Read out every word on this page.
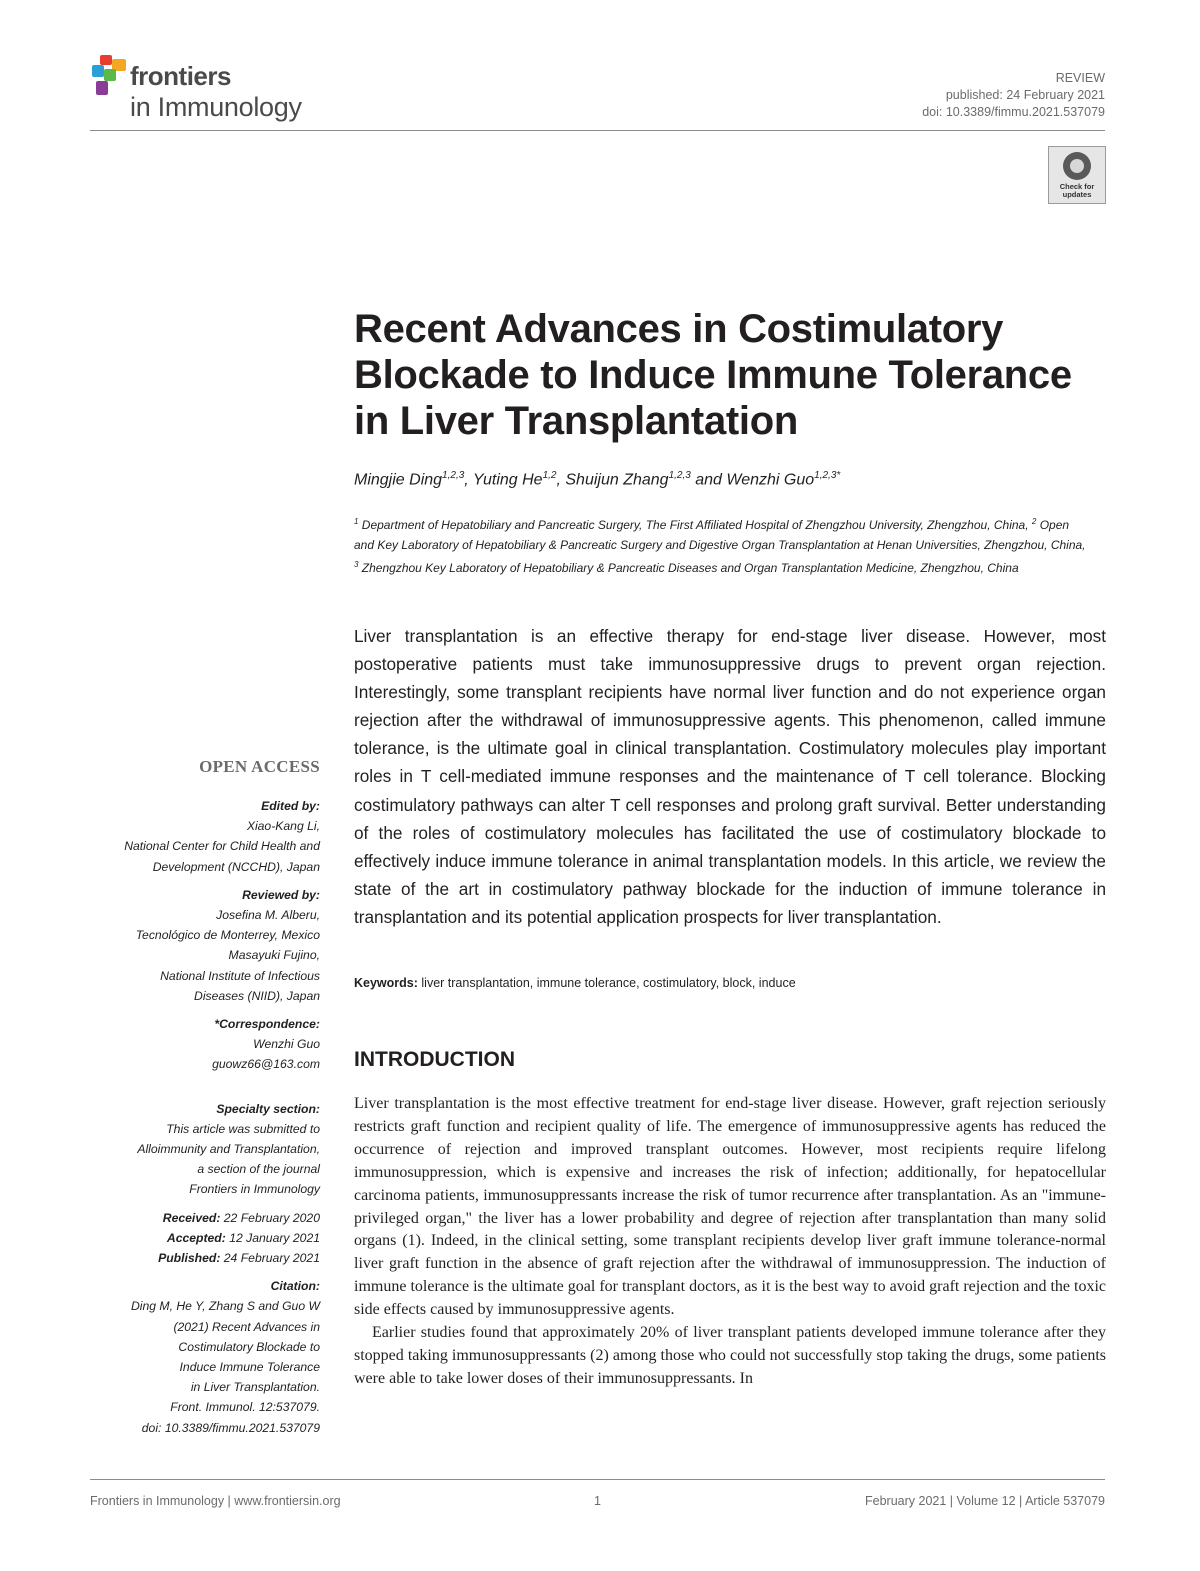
frontiers
in Immunology
REVIEW
published: 24 February 2021
doi: 10.3389/fimmu.2021.537079
Check for
updates
Recent Advances in Costimulatory Blockade to Induce Immune Tolerance in Liver Transplantation
Mingjie Ding$^{1,2,3}$, Yuting He$^{1,2}$, Shuijun Zhang$^{1,2,3}$ and Wenzhi Guo$^{1,2,3*}$
$^1$ Department of Hepatobiliary and Pancreatic Surgery, The First Affiliated Hospital of Zhengzhou University, Zhengzhou, China, $^2$ Open and Key Laboratory of Hepatobiliary & Pancreatic Surgery and Digestive Organ Transplantation at Henan Universities, Zhengzhou, China, $^3$ Zhengzhou Key Laboratory of Hepatobiliary & Pancreatic Diseases and Organ Transplantation Medicine, Zhengzhou, China
Liver transplantation is an effective therapy for end-stage liver disease. However, most postoperative patients must take immunosuppressive drugs to prevent organ rejection. Interestingly, some transplant recipients have normal liver function and do not experience organ rejection after the withdrawal of immunosuppressive agents. This phenomenon, called immune tolerance, is the ultimate goal in clinical transplantation. Costimulatory molecules play important roles in T cell-mediated immune responses and the maintenance of T cell tolerance. Blocking costimulatory pathways can alter T cell responses and prolong graft survival. Better understanding of the roles of costimulatory molecules has facilitated the use of costimulatory blockade to effectively induce immune tolerance in animal transplantation models. In this article, we review the state of the art in costimulatory pathway blockade for the induction of immune tolerance in transplantation and its potential application prospects for liver transplantation.
Keywords: liver transplantation, immune tolerance, costimulatory, block, induce
INTRODUCTION

Liver transplantation is the most effective treatment for end-stage liver disease. However, graft rejection seriously restricts graft function and recipient quality of life. The emergence of immunosuppressive agents has reduced the occurrence of rejection and improved transplant outcomes. However, most recipients require lifelong immunosuppression, which is expensive and increases the risk of infection; additionally, for hepatocellular carcinoma patients, immunosuppressants increase the risk of tumor recurrence after transplantation. As an "immune-privileged organ," the liver has a lower probability and degree of rejection after transplantation than many solid organs (1). Indeed, in the clinical setting, some transplant recipients develop liver graft immune tolerance-normal liver graft function in the absence of graft rejection after the withdrawal of immunosuppression. The induction of immune tolerance is the ultimate goal for transplant doctors, as it is the best way to avoid graft rejection and the toxic side effects caused by immunosuppressive agents.

Earlier studies found that approximately 20% of liver transplant patients developed immune tolerance after they stopped taking immunosuppressants (2) among those who could not successfully stop taking the drugs, some patients were able to take lower doses of their immunosuppressants. In

OPEN ACCESS
Edited by:
Xiao-Kang Li,
National Center for Child Health and
Development (NCCHD), Japan
Reviewed by:
Josefina M. Alberu,
Tecnológico de Monterrey, Mexico
Masayuki Fujino,
National Institute of Infectious
Diseases (NIID), Japan
*Correspondence:
Wenzhi Guo
guowz66@163.com
Specialty section:
This article was submitted to
Alloimmunity and Transplantation,
a section of the journal
Frontiers in Immunology
Received: 22 February 2020
Accepted: 12 January 2021
Published: 24 February 2021
Citation:
Ding M, He Y, Zhang S and Guo W
(2021) Recent Advances in
Costimulatory Blockade to
Induce Immune Tolerance
in Liver Transplantation.
Front. Immunol. 12:537079.
doi: 10.3389/fimmu.2021.537079
Frontiers in Immunology | www.frontiersin.org	1	February 2021 | Volume 12 | Article 537079
